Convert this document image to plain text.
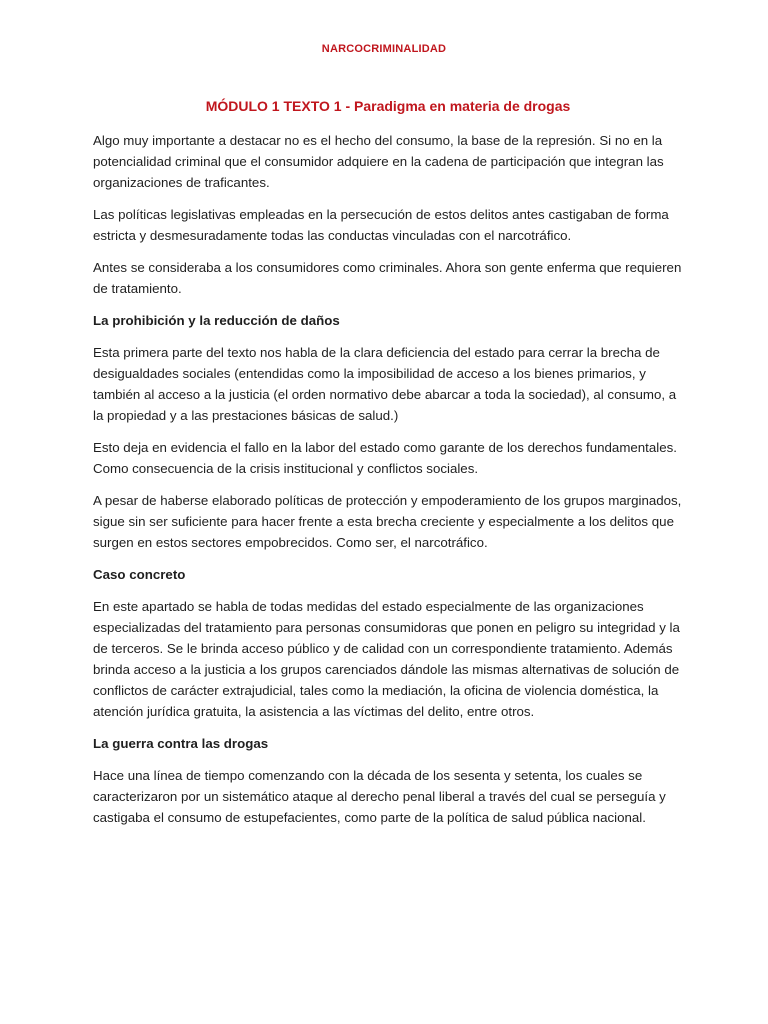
NARCOCRIMINALIDAD
MÓDULO 1 TEXTO 1 - Paradigma en materia de drogas

Algo muy importante a destacar no es el hecho del consumo, la base de la represión. Si no en la potencialidad criminal que el consumidor adquiere en la cadena de participación que integran las organizaciones de traficantes.

Las políticas legislativas empleadas en la persecución de estos delitos antes castigaban de forma estricta y desmesuradamente todas las conductas vinculadas con el narcotráfico.

Antes se consideraba a los consumidores como criminales. Ahora son gente enferma que requieren de tratamiento.

La prohibición y la reducción de daños

Esta primera parte del texto nos habla de la clara deficiencia del estado para cerrar la brecha de desigualdades sociales (entendidas como la imposibilidad de acceso a los bienes primarios, y también al acceso a la justicia (el orden normativo debe abarcar a toda la sociedad), al consumo, a la propiedad y a las prestaciones básicas de salud.)

Esto deja en evidencia el fallo en la labor del estado como garante de los derechos fundamentales. Como consecuencia de la crisis institucional y conflictos sociales.

A pesar de haberse elaborado políticas de protección y empoderamiento de los grupos marginados, sigue sin ser suficiente para hacer frente a esta brecha creciente y especialmente a los delitos que surgen en estos sectores empobrecidos. Como ser, el narcotráfico.

Caso concreto

En este apartado se habla de todas medidas del estado especialmente de las organizaciones especializadas del tratamiento para personas consumidoras que ponen en peligro su integridad y la de terceros. Se le brinda acceso público y de calidad con un correspondiente tratamiento. Además brinda acceso a la justicia a los grupos carenciados dándole las mismas alternativas de solución de conflictos de carácter extrajudicial, tales como la mediación, la oficina de violencia doméstica, la atención jurídica gratuita, la asistencia a las víctimas del delito, entre otros.

La guerra contra las drogas

Hace una línea de tiempo comenzando con la década de los sesenta y setenta, los cuales se caracterizaron por un sistemático ataque al derecho penal liberal a través del cual se perseguía y castigaba el consumo de estupefacientes, como parte de la política de salud pública nacional.
